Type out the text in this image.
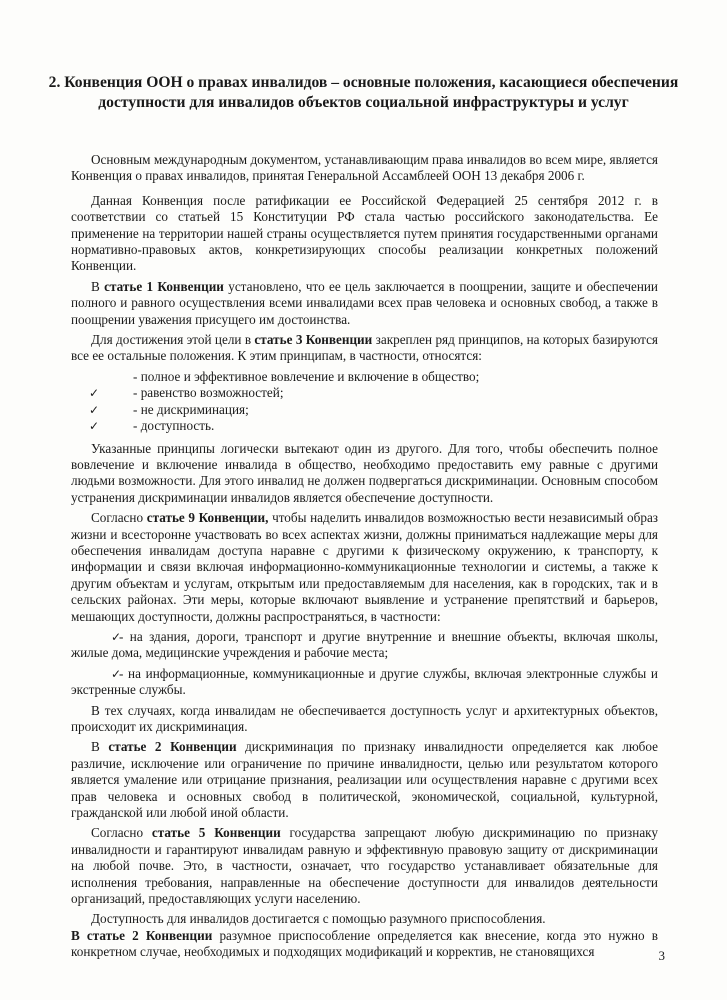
2. Конвенция ООН о правах инвалидов – основные положения, касающиеся обеспечения доступности для инвалидов объектов социальной инфраструктуры и услуг

Основным международным документом, устанавливающим права инвалидов во всем мире, является Конвенция о правах инвалидов, принятая Генеральной Ассамблеей ООН 13 декабря 2006 г.

Данная Конвенция после ратификации ее Российской Федерацией 25 сентября 2012 г. в соответствии со статьей 15 Конституции РФ стала частью российского законодательства. Ее применение на территории нашей страны осуществляется путем принятия государственными органами нормативно-правовых актов, конкретизирующих способы реализации конкретных положений Конвенции.

В статье 1 Конвенции установлено, что ее цель заключается в поощрении, защите и обеспечении полного и равного осуществления всеми инвалидами всех прав человека и основных свобод, а также в поощрении уважения присущего им достоинства.

Для достижения этой цели в статье 3 Конвенции закреплен ряд принципов, на которых базируются все ее остальные положения. К этим принципам, в частности, относятся:

- полное и эффективное вовлечение и включение в общество;
✓	- равенство возможностей;
✓	- не дискриминация;
✓	- доступность.

Указанные принципы логически вытекают один из другого. Для того, чтобы обеспечить полное вовлечение и включение инвалида в общество, необходимо предоставить ему равные с другими людьми возможности. Для этого инвалид не должен подвергаться дискриминации. Основным способом устранения дискриминации инвалидов является обеспечение доступности.

Согласно статье 9 Конвенции, чтобы наделить инвалидов возможностью вести независимый образ жизни и всесторонне участвовать во всех аспектах жизни, должны приниматься надлежащие меры для обеспечения инвалидам доступа наравне с другими к физическому окружению, к транспорту, к информации и связи включая информационно-коммуникационные технологии и системы, а также к другим объектам и услугам, открытым или предоставляемым для населения, как в городских, так и в сельских районах. Эти меры, которые включают выявление и устранение препятствий и барьеров, мешающих доступности, должны распространяться, в частности:

✓- на здания, дороги, транспорт и другие внутренние и внешние объекты, включая школы, жилые дома, медицинские учреждения и рабочие места;

✓- на информационные, коммуникационные и другие службы, включая электронные службы и экстренные службы.

В тех случаях, когда инвалидам не обеспечивается доступность услуг и архитектурных объектов, происходит их дискриминация.

В статье 2 Конвенции дискриминация по признаку инвалидности определяется как любое различие, исключение или ограничение по причине инвалидности, целью или результатом которого является умаление или отрицание признания, реализации или осуществления наравне с другими всех прав человека и основных свобод в политической, экономической, социальной, культурной, гражданской или любой иной области.

Согласно статье 5 Конвенции государства запрещают любую дискриминацию по признаку инвалидности и гарантируют инвалидам равную и эффективную правовую защиту от дискриминации на любой почве. Это, в частности, означает, что государство устанавливает обязательные для исполнения требования, направленные на обеспечение доступности для инвалидов деятельности организаций, предоставляющих услуги населению.

Доступность для инвалидов достигается с помощью разумного приспособления.

В статье 2 Конвенции разумное приспособление определяется как внесение, когда это нужно в конкретном случае, необходимых и подходящих модификаций и корректив, не становящихся	3
